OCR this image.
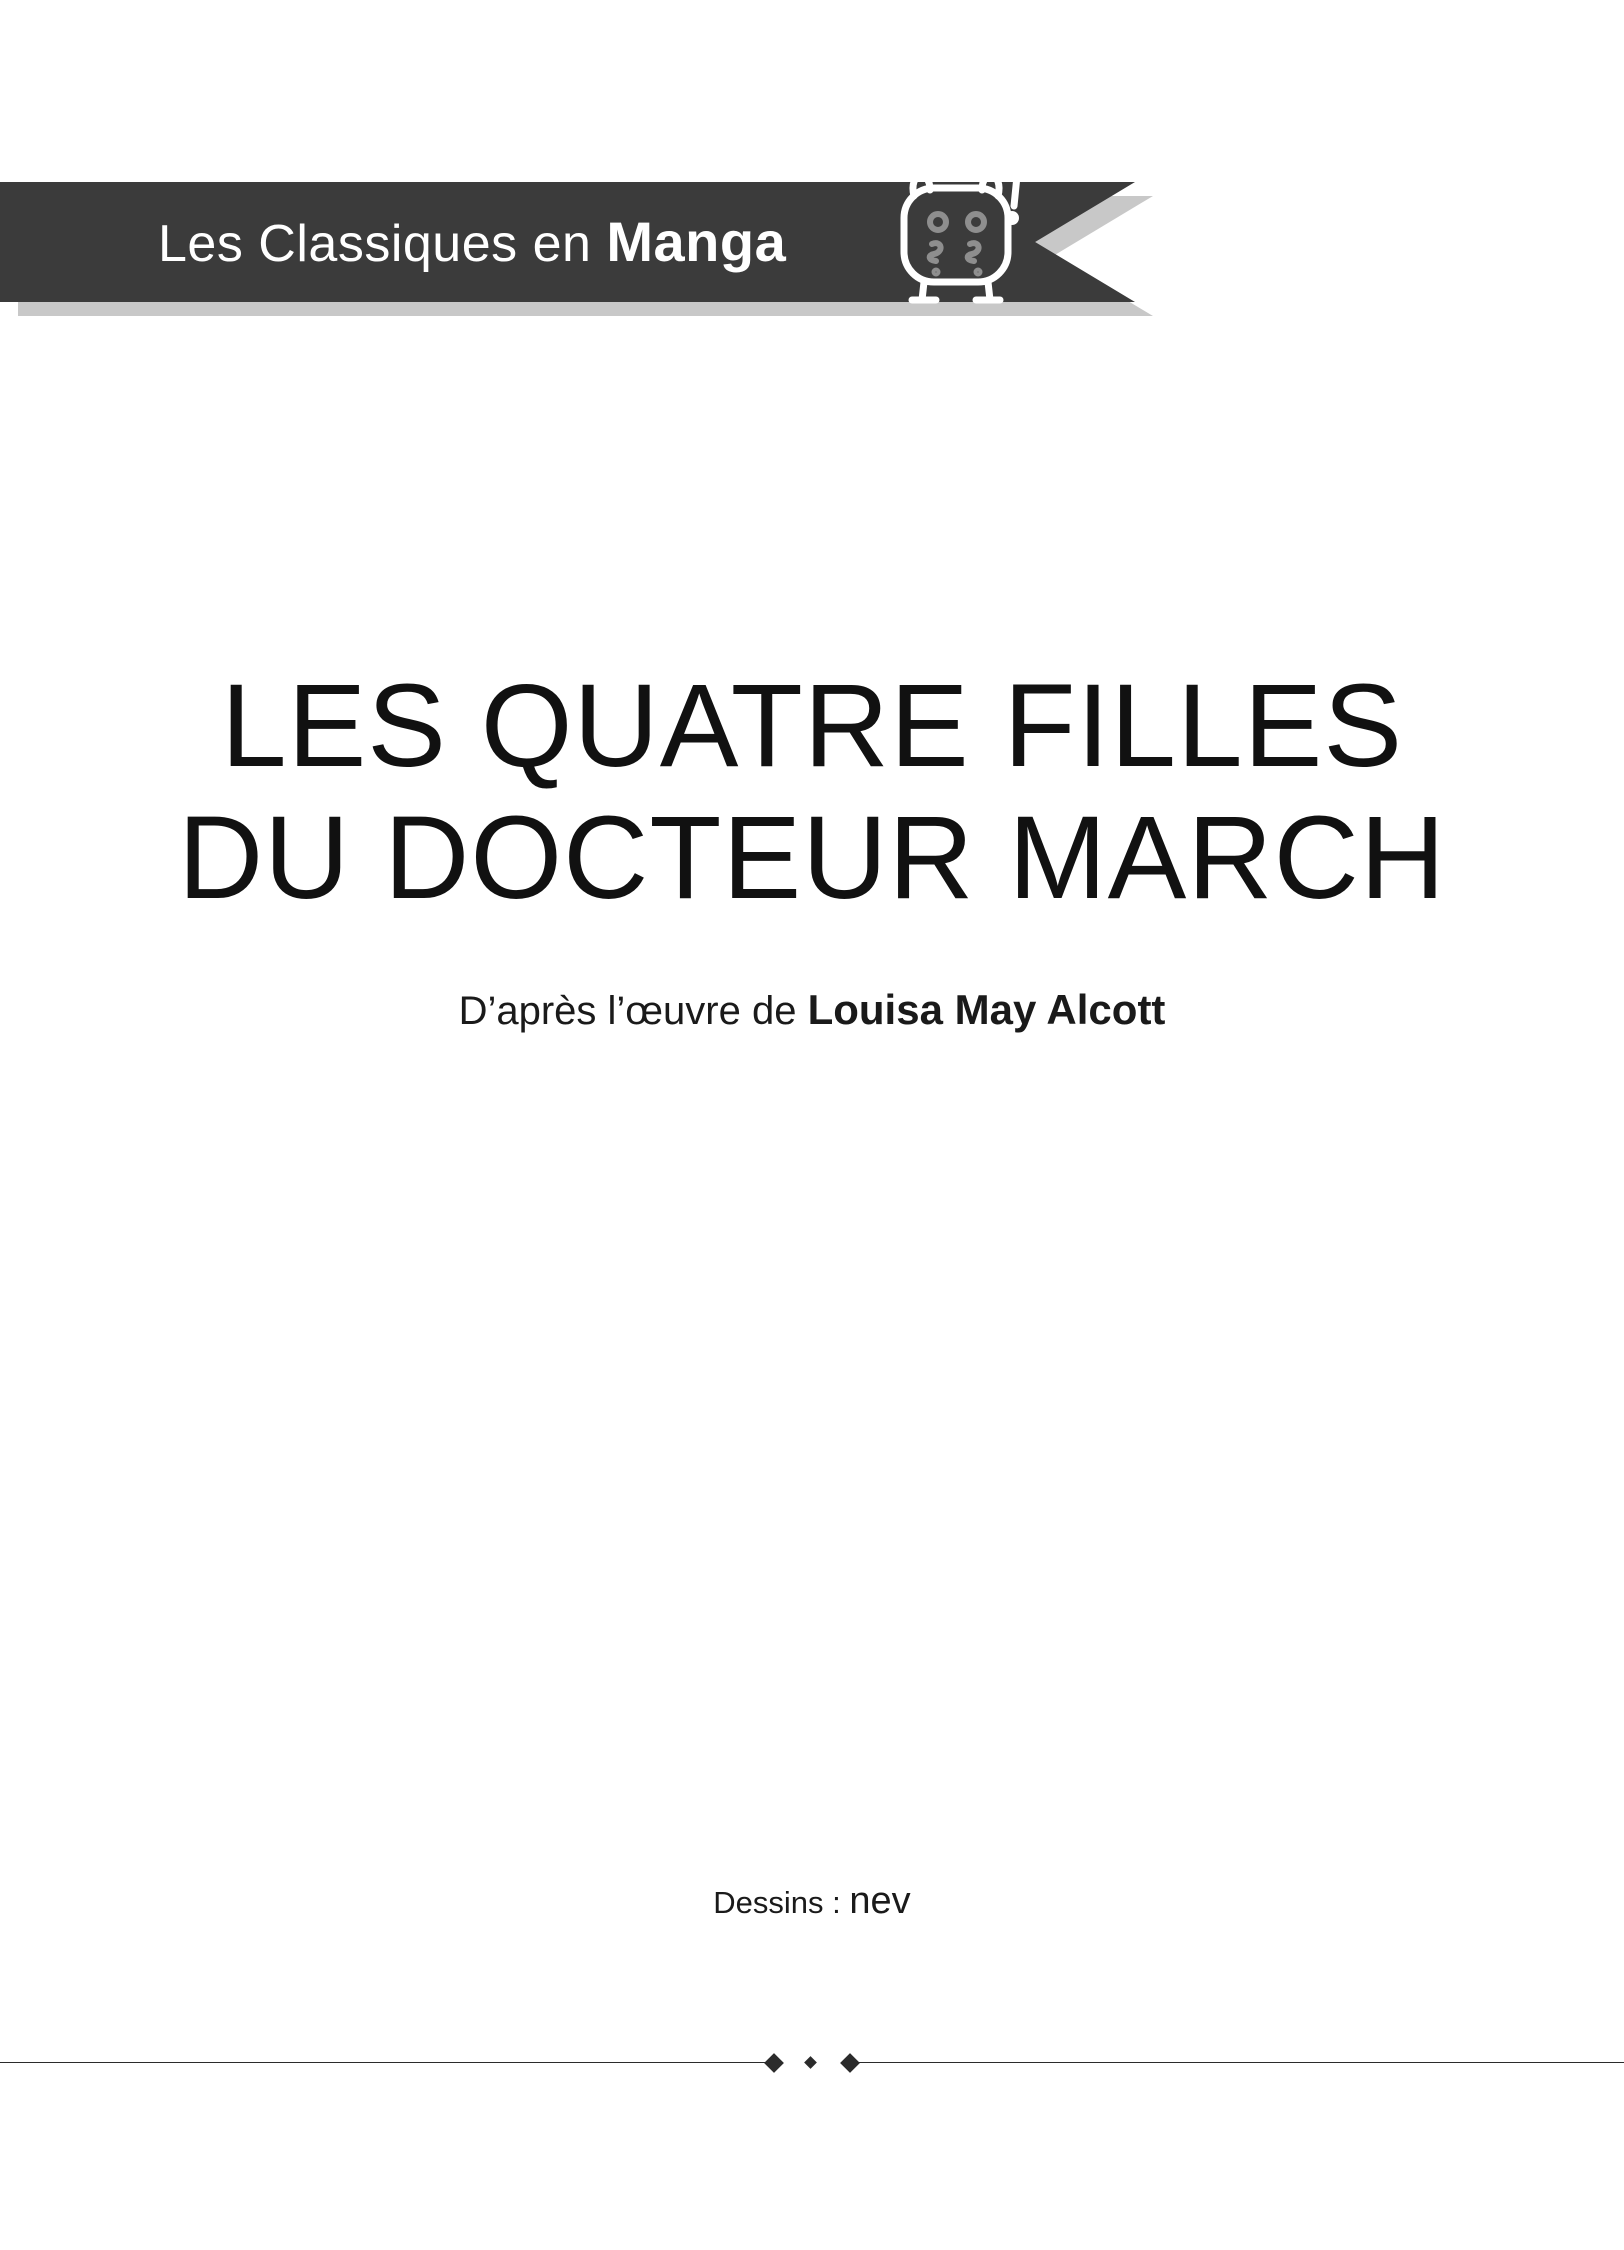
Les Classiques en Manga
LES QUATRE FILLES
DU DOCTEUR MARCH
D’après l’œuvre de Louisa May Alcott
Dessins : nev
